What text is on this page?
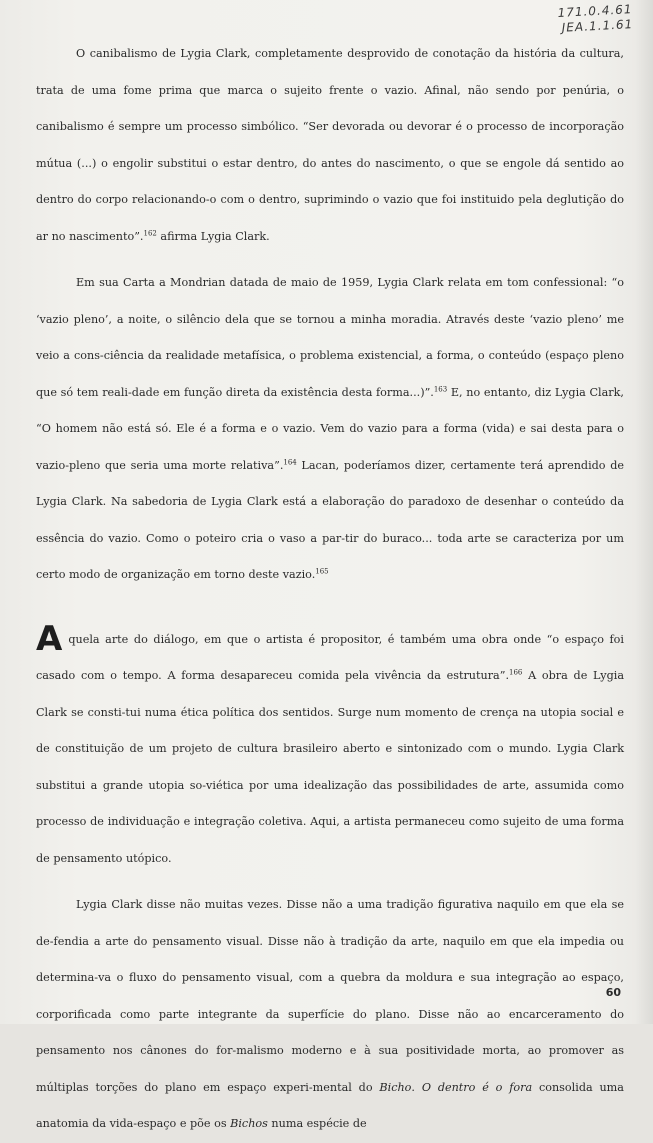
171.0.4.61
JEA.1.1.61

O canibalismo de Lygia Clark, completamente desprovido de conotação da história da cultura, trata de uma fome prima que marca o sujeito frente o vazio. Afinal, não sendo por penúria, o canibalismo é sempre um processo simbólico. “Ser devorada ou devorar é o processo de incorporação mútua (...) o engolir substitui o estar dentro, do antes do nascimento, o que se engole dá sentido ao dentro do corpo relacionando-o com o dentro, suprimindo o vazio que foi instituido pela deglutição do ar no nascimento”.$^{162}$ afirma Lygia Clark.

Em sua Carta a Mondrian datada de maio de 1959, Lygia Clark relata em tom confessional: “o ‘vazio pleno’, a noite, o silêncio dela que se tornou a minha moradia. Através deste ‘vazio pleno’ me veio a cons-ciência da realidade metafísica, o problema existencial, a forma, o conteúdo (espaço pleno que só tem reali-dade em função direta da existência desta forma...)”.$^{163}$ E, no entanto, diz Lygia Clark, “O homem não está só. Ele é a forma e o vazio. Vem do vazio para a forma (vida) e sai desta para o vazio-pleno que seria uma morte relativa”.$^{164}$ Lacan, poderíamos dizer, certamente terá aprendido de Lygia Clark. Na sabedoria de Lygia Clark está a elaboração do paradoxo de desenhar o conteúdo da essência do vazio. Como o poteiro cria o vaso a par-tir do buraco... toda arte se caracteriza por um certo modo de organização em torno deste vazio.$^{165}$

Aquela arte do diálogo, em que o artista é propositor, é também uma obra onde “o espaço foi casado com o tempo. A forma desapareceu comida pela vivência da estrutura”.$^{166}$ A obra de Lygia Clark se consti-tui numa ética política dos sentidos. Surge num momento de crença na utopia social e de constituição de um projeto de cultura brasileiro aberto e sintonizado com o mundo. Lygia Clark substitui a grande utopia so-viética por uma idealização das possibilidades de arte, assumida como processo de individuação e integração coletiva. Aqui, a artista permaneceu como sujeito de uma forma de pensamento utópico.

Lygia Clark disse não muitas vezes. Disse não a uma tradição figurativa naquilo em que ela se de-fendia a arte do pensamento visual. Disse não à tradição da arte, naquilo em que ela impedia ou determina-va o fluxo do pensamento visual, com a quebra da moldura e sua integração ao espaço, corporificada como parte integrante da superfície do plano. Disse não ao encarceramento do pensamento nos cânones do for-malismo moderno e à sua positividade morta, ao promover as múltiplas torções do plano em espaço experi-mental do Bicho. O dentro é o fora consolida uma anatomia da vida-espaço e põe os Bichos numa espécie de

60
